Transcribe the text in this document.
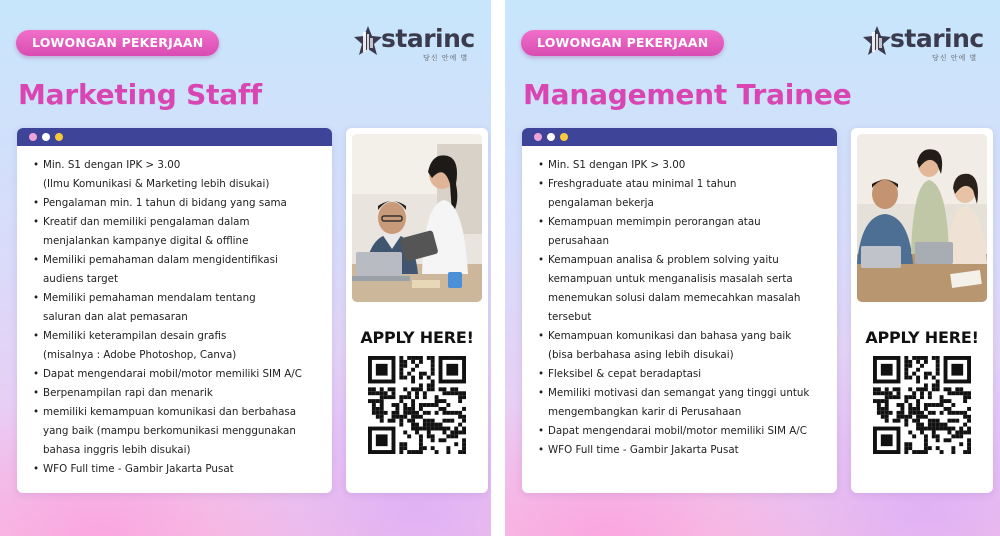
LOWONGAN PEKERJAAN	starinc
당신 안에 별
Marketing Staff
• Min. S1 dengan IPK > 3.00
(Ilmu Komunikasi & Marketing lebih disukai)
• Pengalaman min. 1 tahun di bidang yang sama
• Kreatif dan memiliki pengalaman dalam
menjalankan kampanye digital & offline
• Memiliki pemahaman dalam mengidentifikasi
audiens target
• Memiliki pemahaman mendalam tentang
saluran dan alat pemasaran
• Memiliki keterampilan desain grafis
(misalnya : Adobe Photoshop, Canva)
• Dapat mengendarai mobil/motor memiliki SIM A/C
• Berpenampilan rapi dan menarik
• memiliki kemampuan komunikasi dan berbahasa
yang baik (mampu berkomunikasi menggunakan
bahasa inggris lebih disukai)
• WFO Full time - Gambir Jakarta Pusat
APPLY HERE!
LOWONGAN PEKERJAAN	starinc
당신 안에 별
Management Trainee
• Min. S1 dengan IPK > 3.00
• Freshgraduate atau minimal 1 tahun
pengalaman bekerja
• Kemampuan memimpin perorangan atau
perusahaan
• Kemampuan analisa & problem solving yaitu
kemampuan untuk menganalisis masalah serta
menemukan solusi dalam memecahkan masalah
tersebut
• Kemampuan komunikasi dan bahasa yang baik
(bisa berbahasa asing lebih disukai)
• Fleksibel & cepat beradaptasi
• Memiliki motivasi dan semangat yang tinggi untuk
mengembangkan karir di Perusahaan
• Dapat mengendarai mobil/motor memiliki SIM A/C
• WFO Full time - Gambir Jakarta Pusat
APPLY HERE!
